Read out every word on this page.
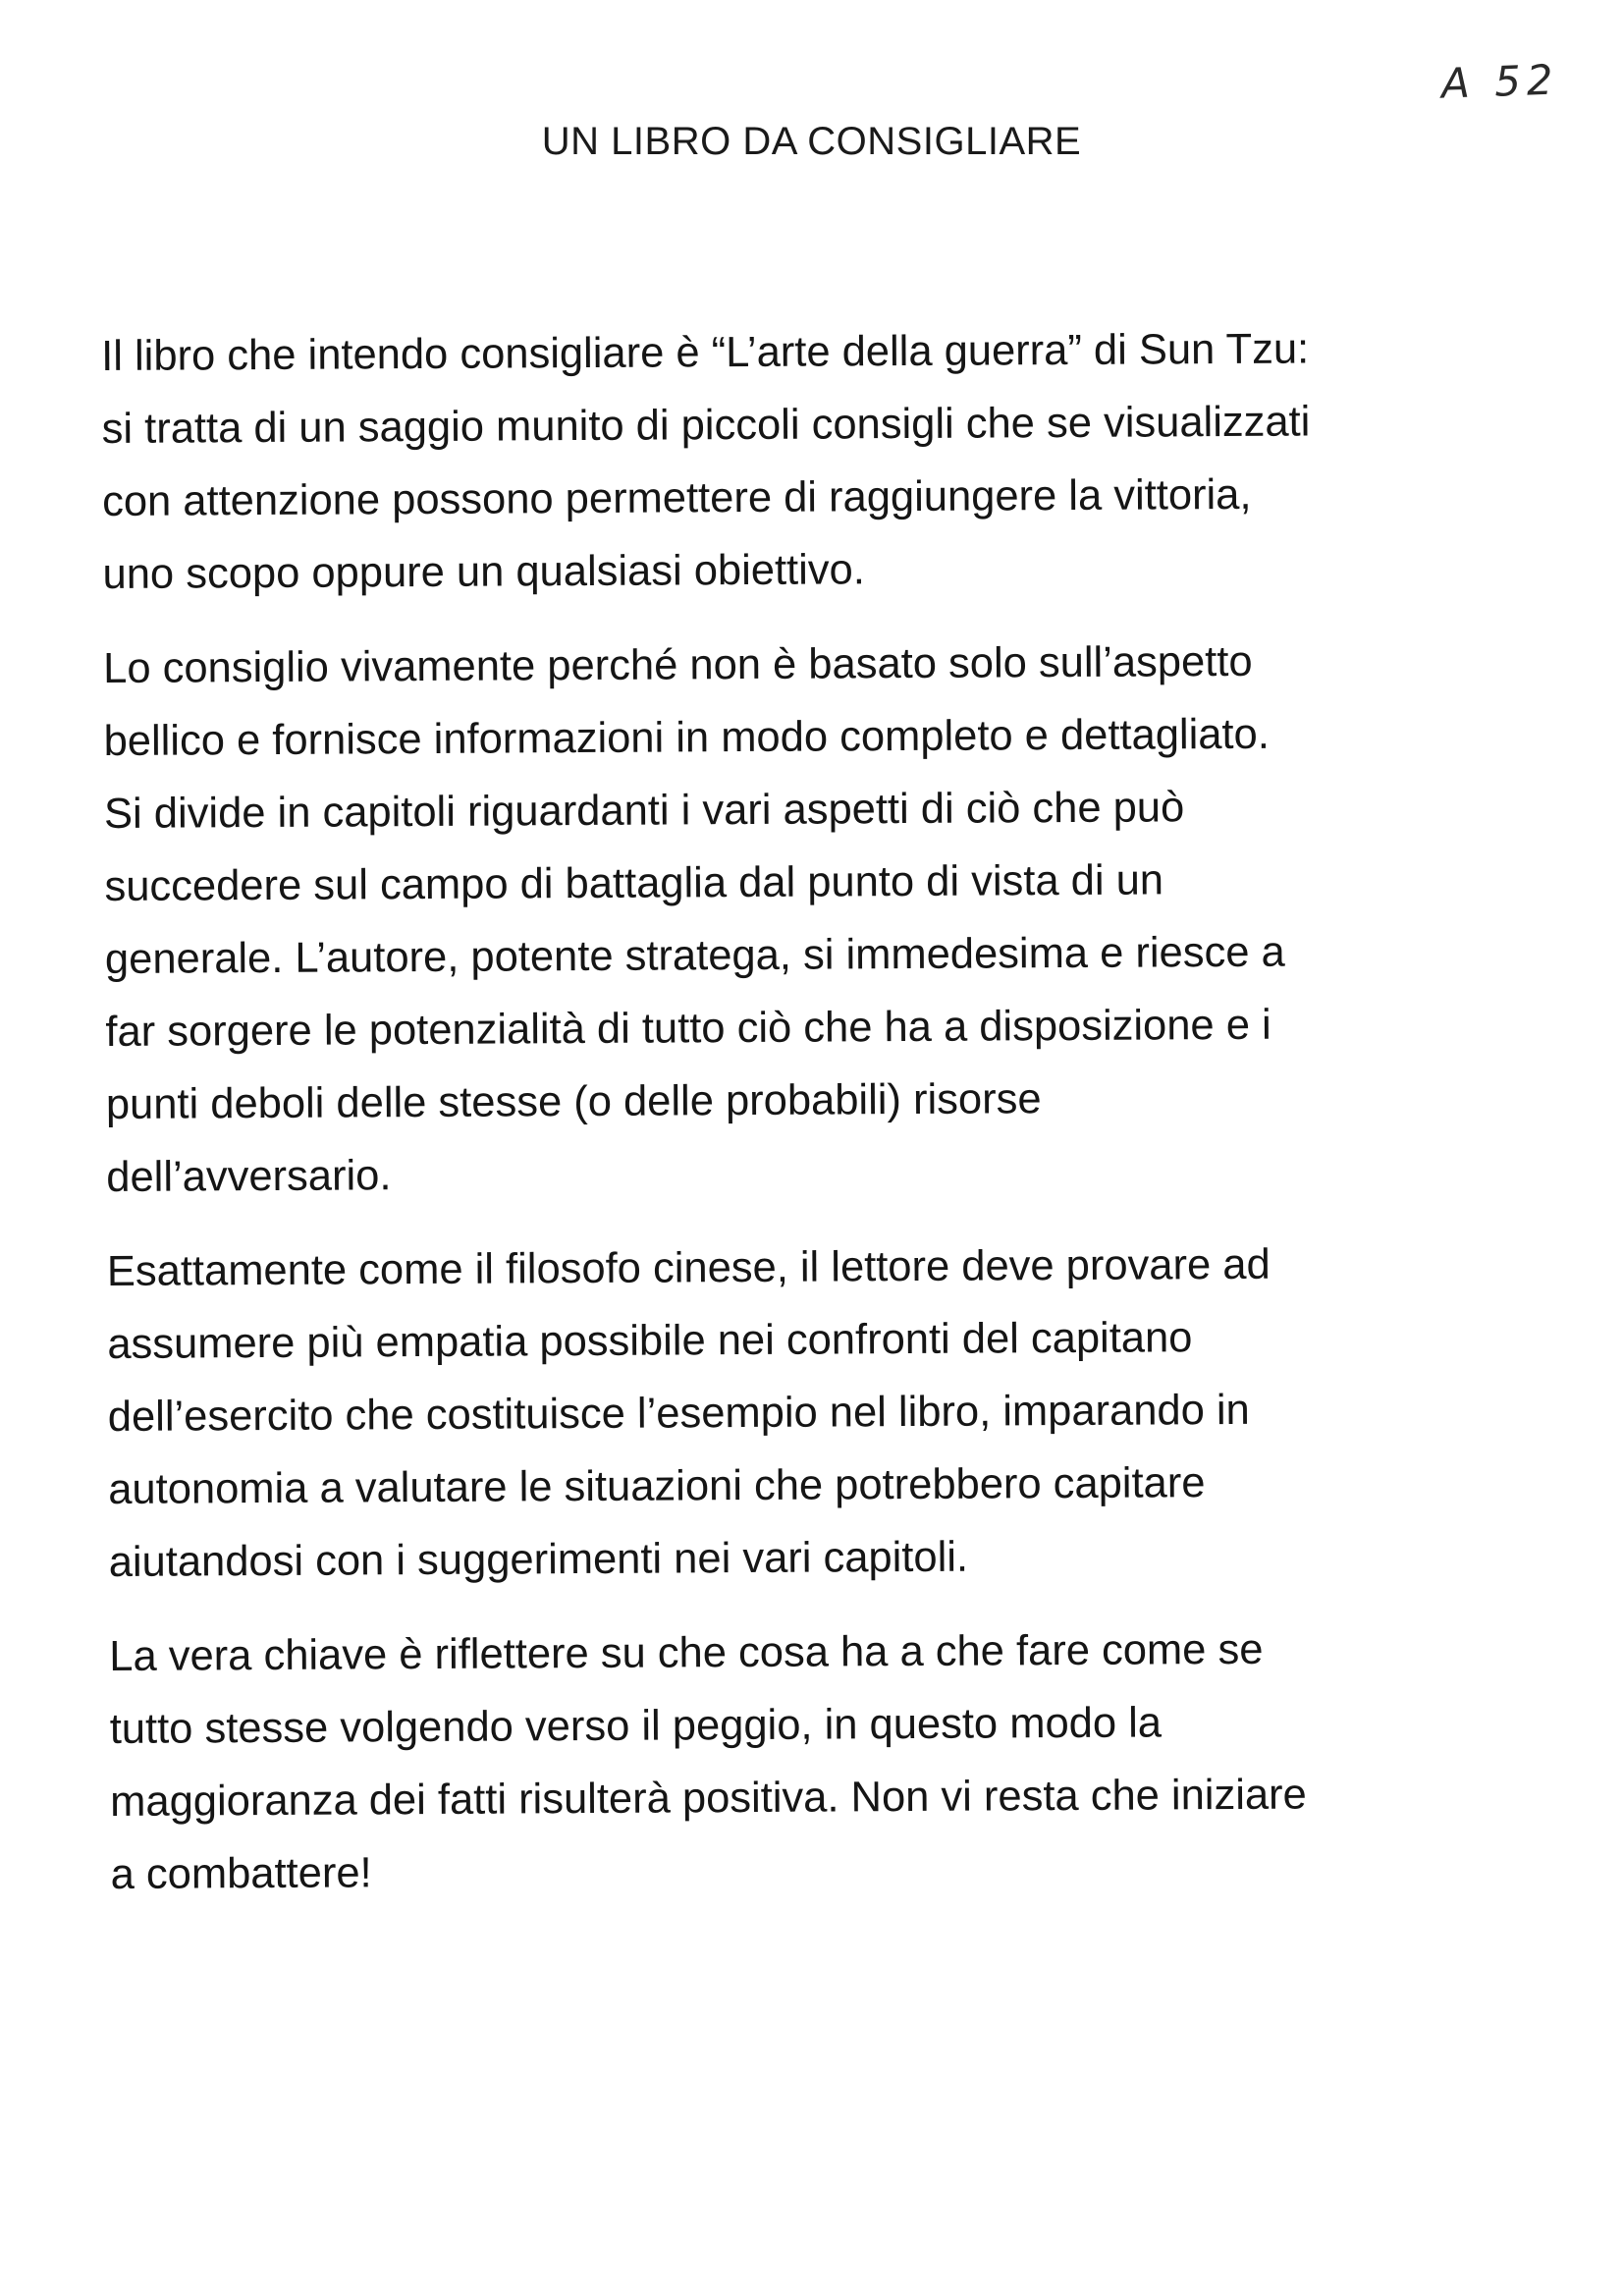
A 52
UN LIBRO DA CONSIGLIARE

Il libro che intendo consigliare è “L’arte della guerra” di Sun Tzu:
si tratta di un saggio munito di piccoli consigli che se visualizzati
con attenzione possono permettere di raggiungere la vittoria,
uno scopo oppure un qualsiasi obiettivo.

Lo consiglio vivamente perché non è basato solo sull’aspetto
bellico e fornisce informazioni in modo completo e dettagliato.
Si divide in capitoli riguardanti i vari aspetti di ciò che può
succedere sul campo di battaglia dal punto di vista di un
generale. L’autore, potente stratega, si immedesima e riesce a
far sorgere le potenzialità di tutto ciò che ha a disposizione e i
punti deboli delle stesse (o delle probabili) risorse
dell’avversario.

Esattamente come il filosofo cinese, il lettore deve provare ad
assumere più empatia possibile nei confronti del capitano
dell’esercito che costituisce l’esempio nel libro, imparando in
autonomia a valutare le situazioni che potrebbero capitare
aiutandosi con i suggerimenti nei vari capitoli.

La vera chiave è riflettere su che cosa ha a che fare come se
tutto stesse volgendo verso il peggio, in questo modo la
maggioranza dei fatti risulterà positiva. Non vi resta che iniziare
a combattere!
